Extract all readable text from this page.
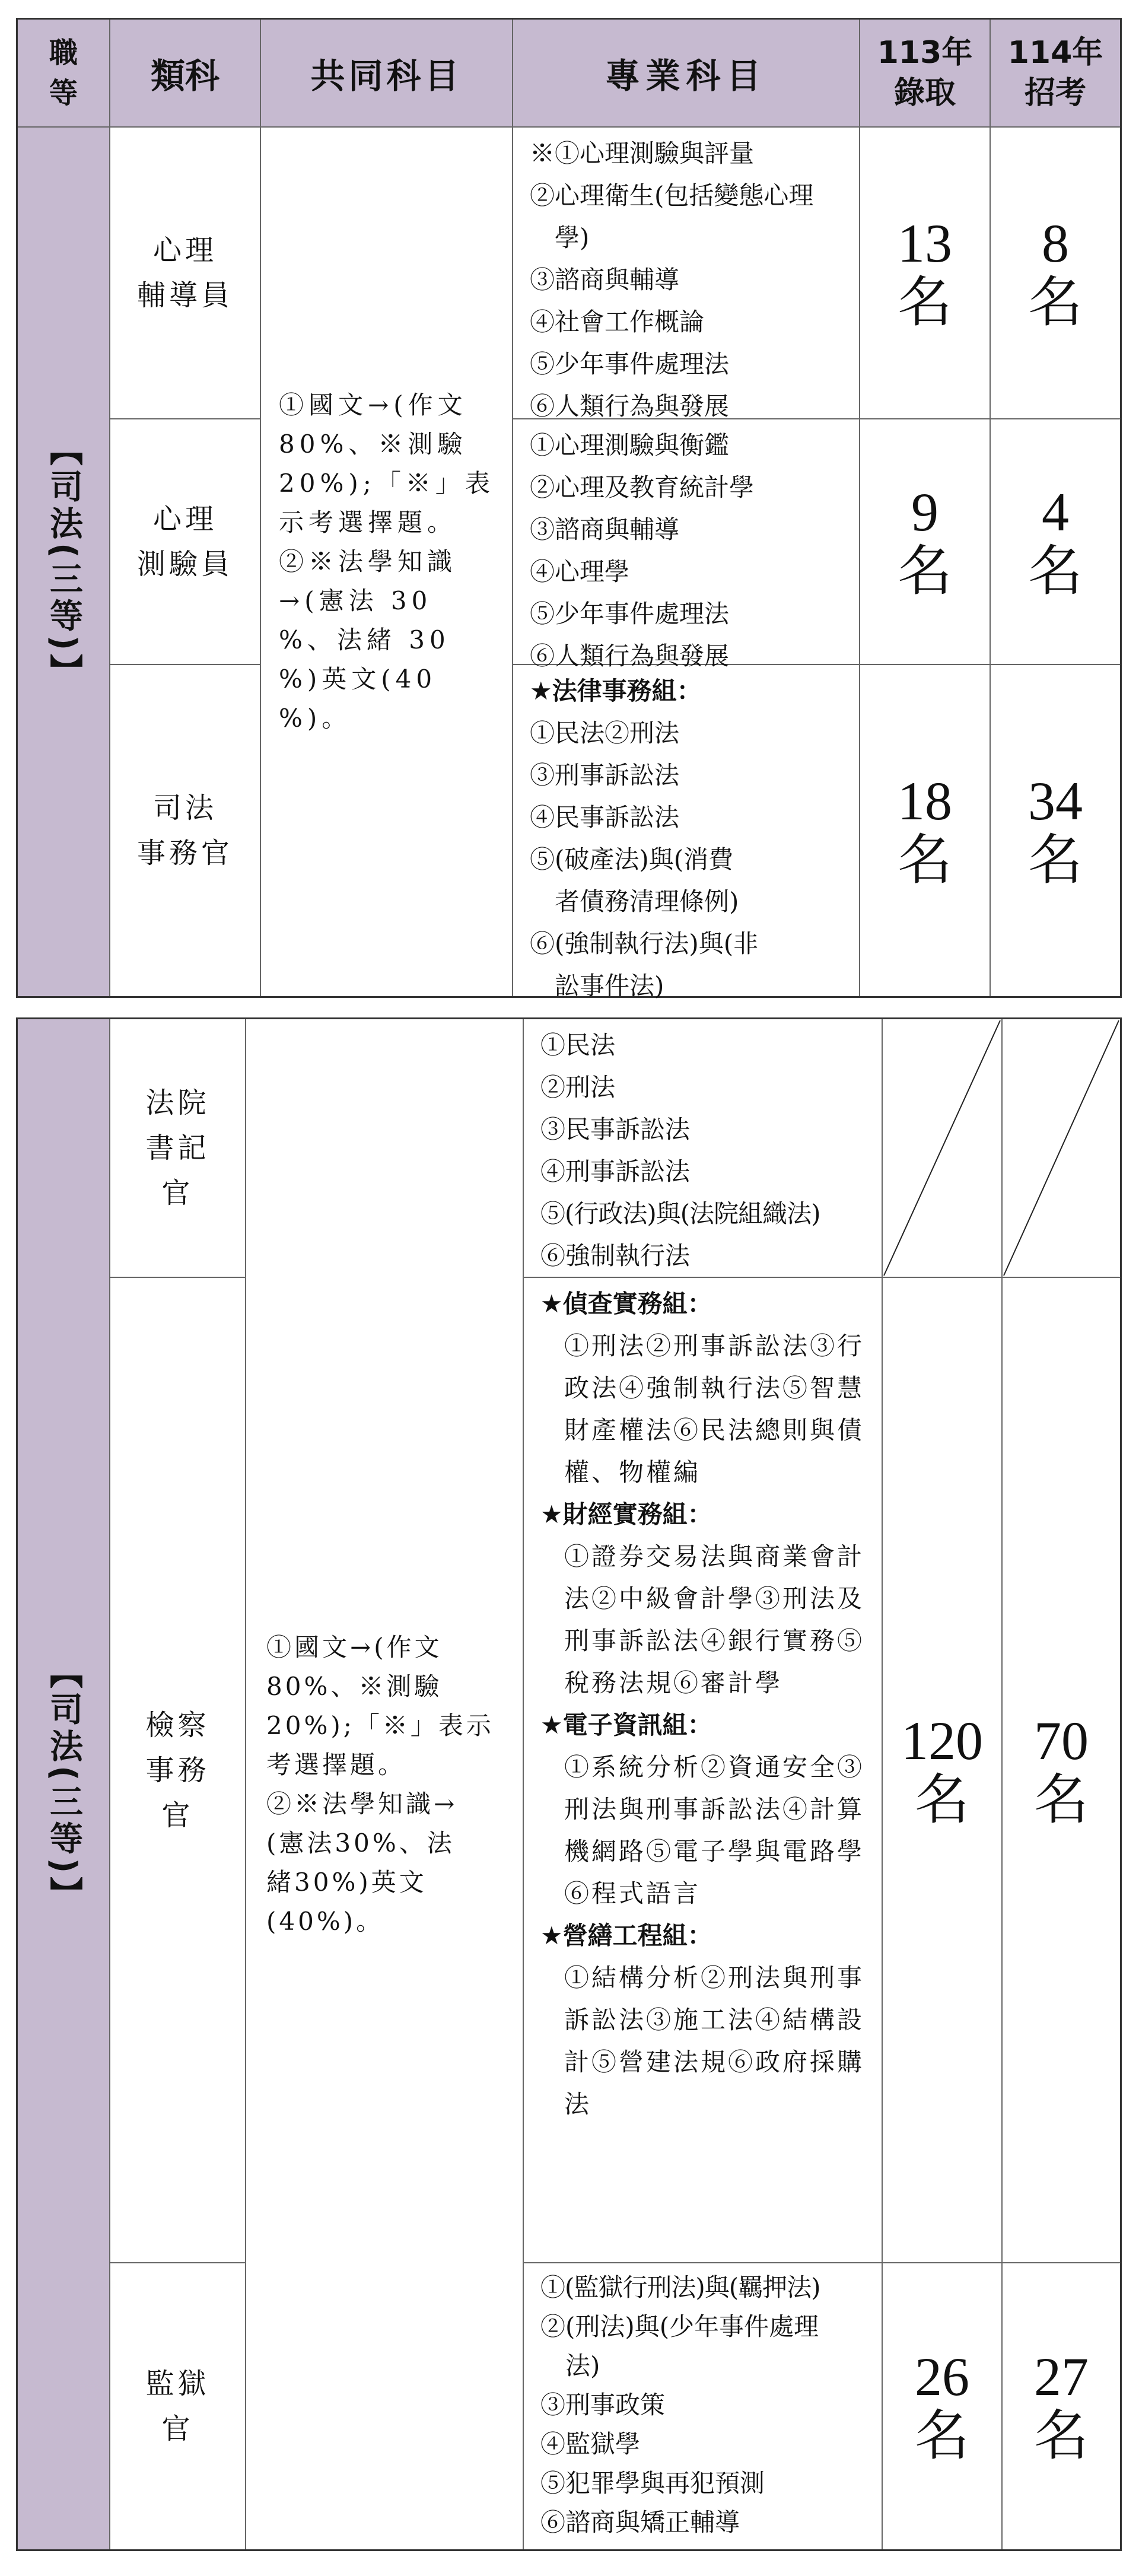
職
等 類科	共同科目	專業科目
113年
錄取
114年
招考
【司法(三等)】
①國文→(作文
80%、※測驗
20%);「※」表
示考選擇題。
②※法學知識
→(憲法 30
%、法緒 30
%)英文(40
%)。
心理
輔導員
※①心理測驗與評量
②心理衛生(包括變態心理
　學)
③諮商與輔導
④社會工作概論
⑤少年事件處理法
⑥人類行為與發展
13
名
8
名
心理
測驗員
①心理測驗與衡鑑
②心理及教育統計學
③諮商與輔導
④心理學
⑤少年事件處理法
⑥人類行為與發展
9
名
4
名
司法
事務官
★法律事務組：
①民法②刑法
③刑事訴訟法
④民事訴訟法
⑤(破產法)與(消費
　者債務清理條例)
⑥(強制執行法)與(非
　訟事件法)
18
名
34
名
【司法(三等)】
①國文→(作文
80%、※測驗
20%);「※」表示
考選擇題。
②※法學知識→
(憲法30%、法
緒30%)英文
(40%)。
法院
書記
官
①民法
②刑法
③民事訴訟法
④刑事訴訟法
⑤(行政法)與(法院組織法)
⑥強制執行法
檢察
事務
官
★偵查實務組：
①刑法②刑事訴訟法③行政法④強制執行法⑤智慧財產權法⑥民法總則與債權、物權編
★財經實務組：
①證券交易法與商業會計法②中級會計學③刑法及刑事訴訟法④銀行實務⑤稅務法規⑥審計學
★電子資訊組：
①系統分析②資通安全③刑法與刑事訴訟法④計算機網路⑤電子學與電路學⑥程式語言
★營繕工程組：
①結構分析②刑法與刑事訴訟法③施工法④結構設計⑤營建法規⑥政府採購法
120
名
70
名
監獄
官
①(監獄行刑法)與(羈押法)
②(刑法)與(少年事件處理
　法)
③刑事政策
④監獄學
⑤犯罪學與再犯預測
⑥諮商與矯正輔導
26
名
27
名
